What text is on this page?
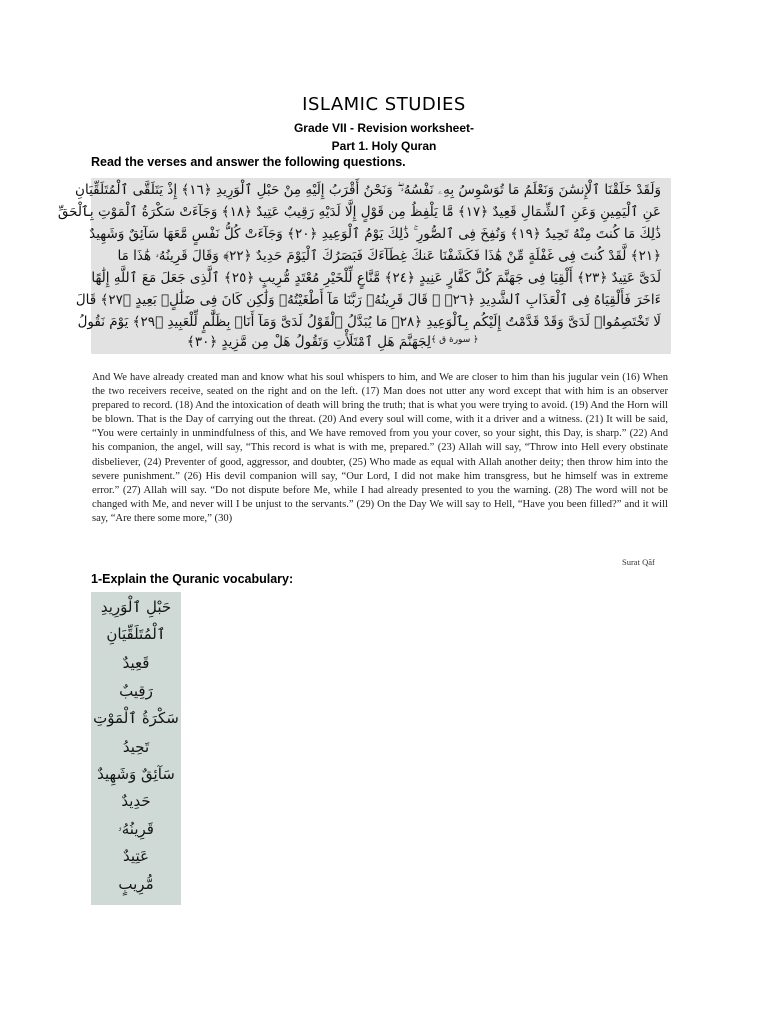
ISLAMIC STUDIES
Grade VII - Revision worksheet-
Part 1. Holy Quran
Read the verses and answer the following questions.
وَلَقَدْ خَلَقْنَا ٱلْإِنسَٰنَ وَنَعْلَمُ مَا تُوَسْوِسُ بِهِۦ نَفْسُهُۥ ۖ وَنَحْنُ أَقْرَبُ إِلَيْهِ مِنْ حَبْلِ ٱلْوَرِيدِ ﴿١٦﴾ إِذْ يَتَلَقَّى ٱلْمُتَلَقِّيَانِ
عَنِ ٱلْيَمِينِ وَعَنِ ٱلشِّمَالِ قَعِيدٌ ﴿١٧﴾ مَّا يَلْفِظُ مِن قَوْلٍ إِلَّا لَدَيْهِ رَقِيبٌ عَتِيدٌ ﴿١٨﴾ وَجَآءَتْ سَكْرَةُ ٱلْمَوْتِ بِٱلْحَقِّ
ذَٰلِكَ مَا كُنتَ مِنْهُ تَحِيدُ ﴿١٩﴾ وَنُفِخَ فِى ٱلصُّورِ ۚ ذَٰلِكَ يَوْمُ ٱلْوَعِيدِ ﴿٢٠﴾ وَجَآءَتْ كُلُّ نَفْسٍ مَّعَهَا سَآئِقٌ وَشَهِيدٌ
﴿٢١﴾ لَّقَدْ كُنتَ فِى غَفْلَةٍ مِّنْ هَٰذَا فَكَشَفْنَا عَنكَ غِطَآءَكَ فَبَصَرُكَ ٱلْيَوْمَ حَدِيدٌ ﴿٢٢﴾ وَقَالَ قَرِينُهُۥ هَٰذَا مَا
لَدَىَّ عَتِيدٌ ﴿٢٣﴾ أَلْقِيَا فِى جَهَنَّمَ كُلَّ كَفَّارٍ عَنِيدٍ ﴿٢٤﴾ مَّنَّاعٍ لِّلْخَيْرِ مُعْتَدٍ مُّرِيبٍ ﴿٢٥﴾ ٱلَّذِى جَعَلَ مَعَ ٱللَّهِ إِلَٰهًا
ءَاخَرَ فَأَلْقِيَاهُ فِى ٱلْعَذَابِ ٱلشَّدِيدِ ﴿٢٦﴾ ۞ قَالَ قَرِينُهُۥ رَبَّنَا مَآ أَطْغَيْتُهُۥ وَلَٰكِن كَانَ فِى ضَلَٰلٍۭ بَعِيدٍ ﴿٢٧﴾ قَالَ
لَا تَخْتَصِمُوا۟ لَدَىَّ وَقَدْ قَدَّمْتُ إِلَيْكُم بِٱلْوَعِيدِ ﴿٢٨﴾ مَا يُبَدَّلُ ٱلْقَوْلُ لَدَىَّ وَمَآ أَنَا۠ بِظَلَّٰمٍ لِّلْعَبِيدِ ﴿٢٩﴾ يَوْمَ نَقُولُ
لِجَهَنَّمَ هَلِ ٱمْتَلَأْتِ وَتَقُولُ هَلْ مِن مَّزِيدٍ ﴿٣٠﴾ ﴿ سورة ق ﴾
And We have already created man and know what his soul whispers to him, and We are closer to him than his jugular vein (16) When the two receivers receive, seated on the right and on the left. (17) Man does not utter any word except that with him is an observer prepared to record. (18) And the intoxication of death will bring the truth; that is what you were trying to avoid. (19) And the Horn will be blown. That is the Day of carrying out the threat. (20) And every soul will come, with it a driver and a witness. (21) It will be said, “You were certainly in unmindfulness of this, and We have removed from you your cover, so your sight, this Day, is sharp.” (22) And his companion, the angel, will say, “This record is what is with me, prepared.” (23) Allah will say, “Throw into Hell every obstinate disbeliever, (24) Preventer of good, aggressor, and doubter, (25) Who made as equal with Allah another deity; then throw him into the severe punishment.” (26) His devil companion will say, “Our Lord, I did not make him transgress, but he himself was in extreme error.” (27) Allah will say. “Do not dispute before Me, while I had already presented to you the warning. (28) The word will not be changed with Me, and never will I be unjust to the servants.” (29) On the Day We will say to Hell, “Have you been filled?” and it will say, “Are there some more,” (30)
Surat Qāf
1-Explain the Quranic vocabulary:
حَبْلِ ٱلْوَرِيدِ
ٱلْمُتَلَقِّيَانِ
قَعِيدٌ
رَقِيبٌ
سَكْرَةُ ٱلْمَوْتِ
تَحِيدُ
سَآئِقٌ وَشَهِيدٌ
حَدِيدٌ
قَرِينُهُۥ
عَتِيدٌ
مُّرِيبٍ
